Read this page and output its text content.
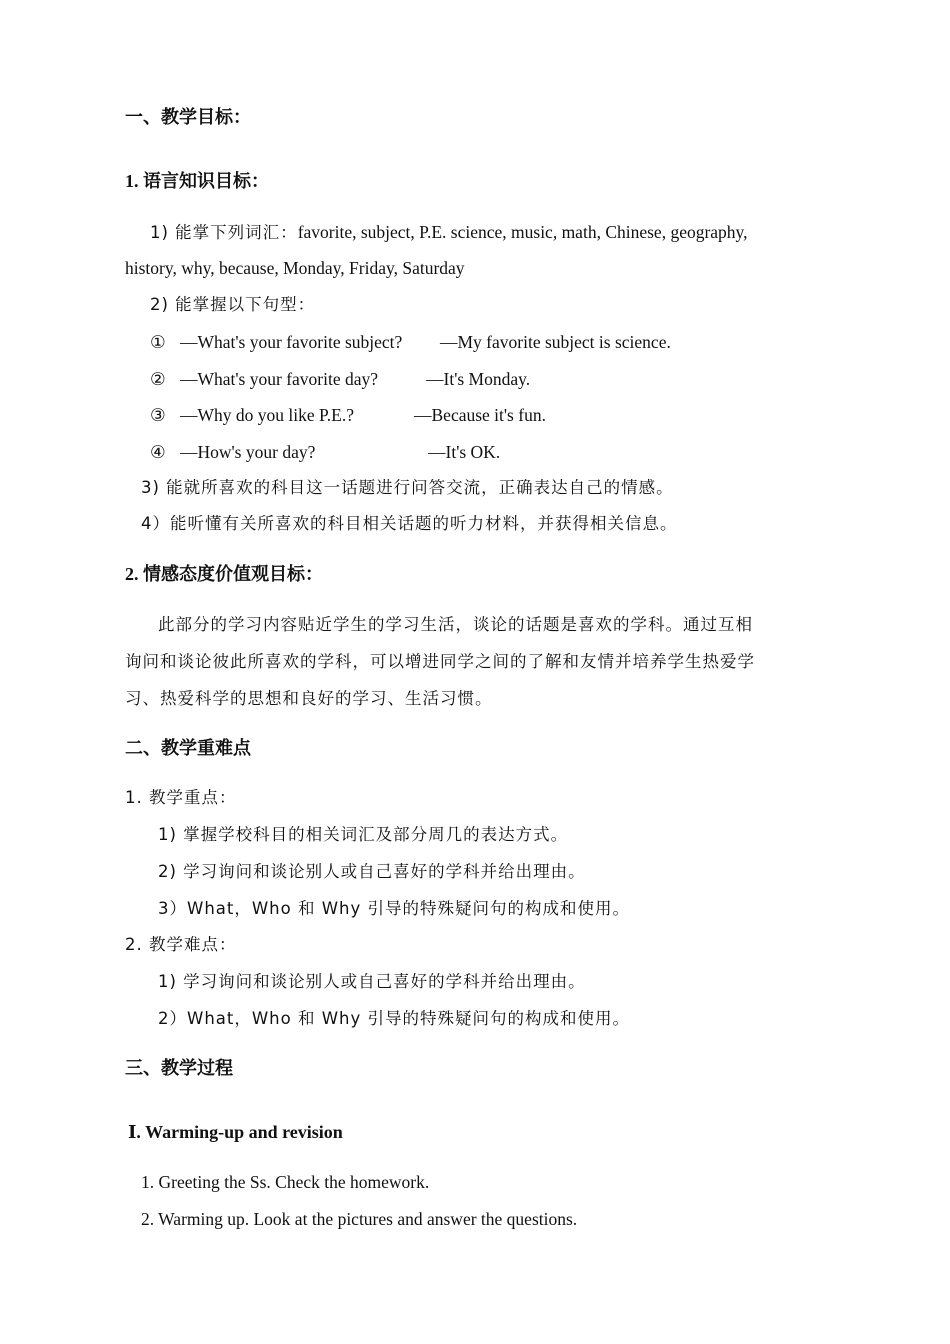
一、教学目标：
1. 语言知识目标：
1) 能掌下列词汇：favorite, subject, P.E. science, music, math, Chinese, geography,
history, why, because, Monday, Friday, Saturday
2) 能掌握以下句型：
① —What's your favorite subject? —My favorite subject is science.
② —What's your favorite day?	—It's Monday.
③ —Why do you like P.E.?	—Because it's fun.
④ —How's your day?	—It's OK.
3) 能就所喜欢的科目这一话题进行问答交流，正确表达自己的情感。
4）能听懂有关所喜欢的科目相关话题的听力材料，并获得相关信息。
2. 情感态度价值观目标：
此部分的学习内容贴近学生的学习生活，谈论的话题是喜欢的学科。通过互相
询问和谈论彼此所喜欢的学科，可以增进同学之间的了解和友情并培养学生热爱学
习、热爱科学的思想和良好的学习、生活习惯。
二、教学重难点
1. 教学重点：
1) 掌握学校科目的相关词汇及部分周几的表达方式。
2) 学习询问和谈论别人或自己喜好的学科并给出理由。
3）What，Who 和 Why 引导的特殊疑问句的构成和使用。
2. 教学难点：
1) 学习询问和谈论别人或自己喜好的学科并给出理由。
2）What，Who 和 Why 引导的特殊疑问句的构成和使用。
三、教学过程
Ⅰ. Warming-up and revision
1. Greeting the Ss. Check the homework.
2. Warming up. Look at the pictures and answer the questions.
